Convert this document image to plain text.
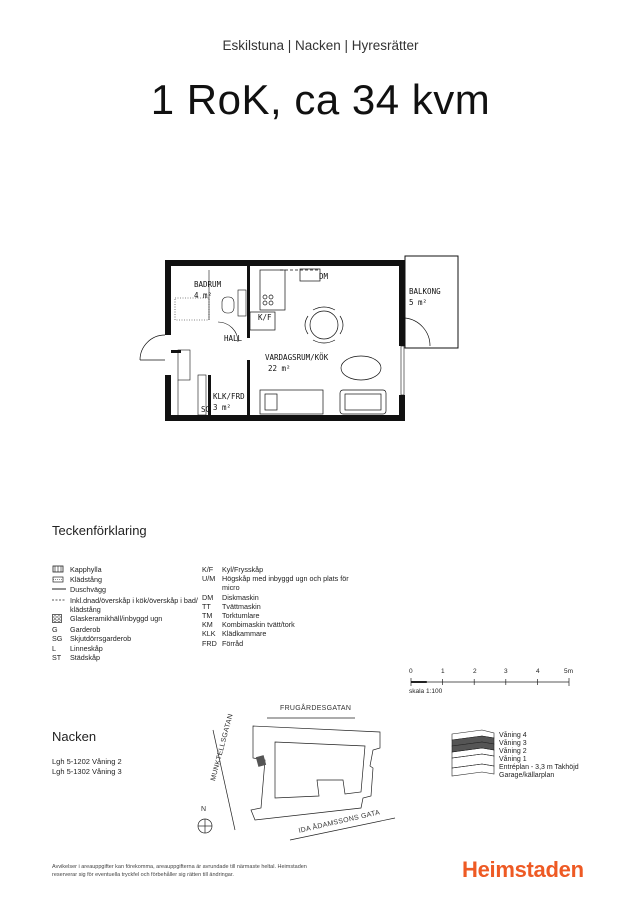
Eskilstuna | Nacken | Hyresrätter
1 RoK, ca 34 kvm
BADRUM
4 m²
DM
K/F
HALL
VARDAGSRUM/KÖK
22 m²
KLK/FRD
3 m²
SG
BALKONG
5 m²
Teckenförklaring
Kapphylla
Klädstång
Duschvägg
Inkl.dnad/överskåp i kök/överskåp i bad/ klädstång
Glaskeramikhäll/inbyggd ugn
G	Garderob
SG	Skjutdörrsgarderob
L	Linneskåp
ST	Städskåp
K/F	Kyl/Frysskåp
U/M Högskåp med inbyggd ugn och plats för micro
DM	Diskmaskin
TT	Tvättmaskin
TM	Torktumlare
KM	Kombimaskin tvätt/tork
KLK Klädkammare
FRD Förråd
0	1	2	3	4	5m
skala 1:100
Nacken
Lgh 5-1202 Våning 2
Lgh 5-1302 Våning 3
FRUGÅRDESGATAN
MUNKTELLSGATAN
IDA ÅDAMSSONS GATA
N
Våning 4
Våning 3
Våning 2
Våning 1
Entréplan - 3,3 m Takhöjd
Garage/källarplan
Avvikelser i areauppgifter kan förekomma, areauppgifterna är avrundade till närmaste heltal. Heimstaden reserverar sig för eventuella tryckfel och förbehåller sig rätten till ändringar.	Heimstaden
